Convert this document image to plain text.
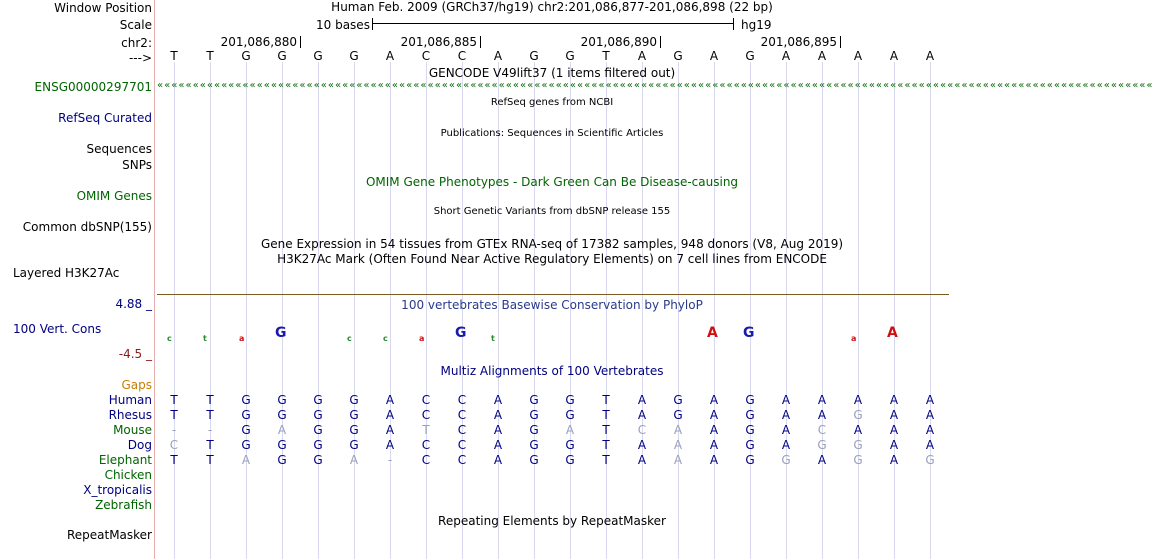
Window Position
Scale
chr2:
--->
ENSG00000297701
RefSeq Curated
Sequences
SNPs
OMIM Genes
Common dbSNP(155)
Layered H3K27Ac
4.88 _
100 Vert. Cons
-4.5 _
Gaps
Human
Rhesus
Mouse
Dog
Elephant
Chicken
X_tropicalis
Zebrafish
RepeatMasker
Human Feb. 2009 (GRCh37/hg19) chr2:201,086,877-201,086,898 (22 bp)
10 bases	hg19
201,086,880	201,086,885	201,086,890	201,086,895
T T G G G G A C C A G G T A G A G A A A A A
GENCODE V49lift37 (1 items filtered out)
««««««««««««««««««««««««««««««««««««««««««««««««««««««««««««««««««««««««««««««««««««««««««««««««««««««««««««««««««««««««««««««««««««««««««««
RefSeq genes from NCBI
Publications: Sequences in Scientific Articles
OMIM Gene Phenotypes - Dark Green Can Be Disease-causing
Short Genetic Variants from dbSNP release 155
Gene Expression in 54 tissues from GTEx RNA-seq of 17382 samples, 948 donors (V8, Aug 2019)
H3K27Ac Mark (Often Found Near Active Regulatory Elements) on 7 cell lines from ENCODE
100 vertebrates Basewise Conservation by PhyloP
c	t	a G	c	c	a G	t	A G	a A
Multiz Alignments of 100 Vertebrates
T T G G G G A C C A G G T A G A G A A A A A
T T G G G G A C C A G G T A G A G A A G A A
-	-	G A G G A T C A G A T C A A G A C A A A
C T G G G G A C C A G G T A A A G A G G A A
T T A G G A	-	C C A G G T A A A G G A G A G
Repeating Elements by RepeatMasker
